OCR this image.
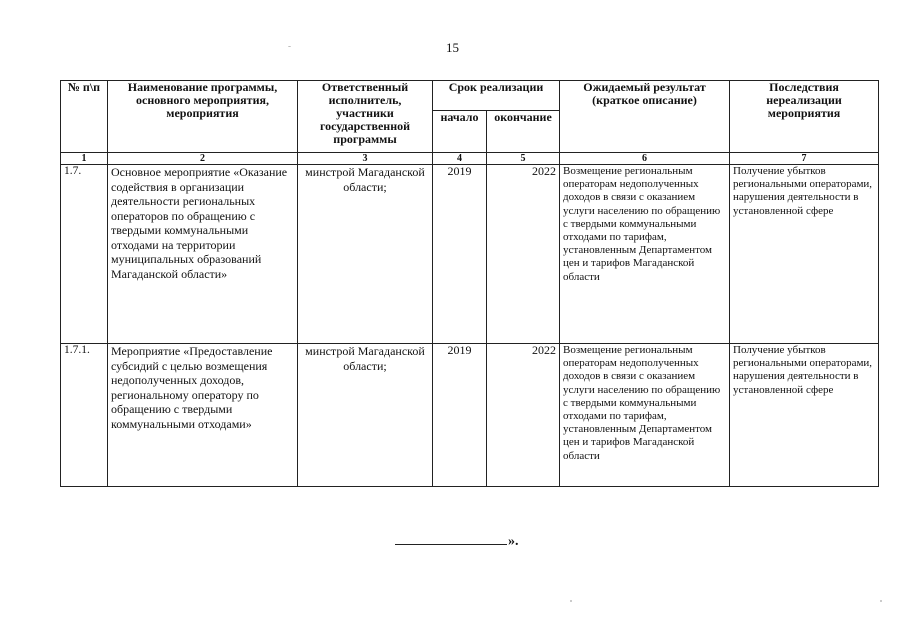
15
№ п\п	Наименование программы, основного мероприятия, мероприятия	Ответственный исполнитель, участники государственной программы	Срок реализации		Ожидаемый результат (краткое описание)	Последствия нереализации мероприятия
			начало	окончание		
1	2	3	4	5	6	7
1.7.	Основное мероприятие «Оказание содействия в организации деятельности региональных операторов по обращению с твердыми коммунальными отходами на территории муниципальных образований Магаданской области»	минстрой Магаданской области;	2019	2022	Возмещение региональным операторам недополученных доходов в связи с оказанием услуги населению по обращению с твердыми коммунальными отходами по тарифам, установленным Департаментом цен и тарифов Магаданской области	Получение убытков региональными операторами, нарушения деятельности в установленной сфере
1.7.1.	Мероприятие «Предоставление субсидий с целью возмещения недополученных доходов, региональному оператору по обращению с твердыми коммунальными отходами»	минстрой Магаданской области;	2019	2022	Возмещение региональным операторам недополученных доходов в связи с оказанием услуги населению по обращению с твердыми коммунальными отходами по тарифам, установленным Департаментом цен и тарифов Магаданской области	Получение убытков региональными операторами, нарушения деятельности в установленной сфере
».
